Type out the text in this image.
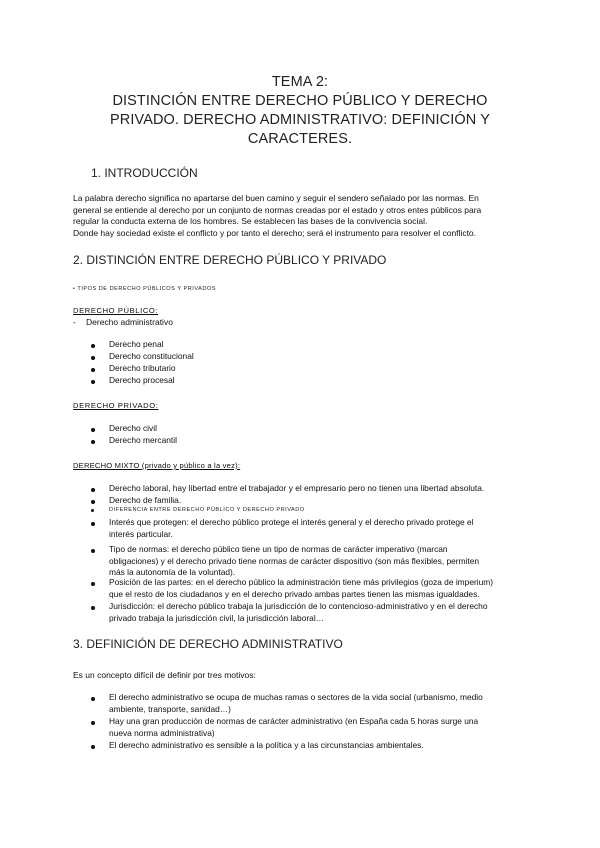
TEMA 2:
DISTINCIÓN ENTRE DERECHO PÚBLICO Y DERECHO
PRIVADO. DERECHO ADMINISTRATIVO: DEFINICIÓN Y
CARACTERES.
1. INTRODUCCIÓN
La palabra derecho significa no apartarse del buen camino y seguir el sendero señalado por las normas. En
general se entiende al derecho por un conjunto de normas creadas por el estado y otros entes públicos para
regular la conducta externa de los hombres. Se establecen las bases de la convivencia social.
Donde hay sociedad existe el conflicto y por tanto el derecho; será el instrumento para resolver el conflicto.
2. DISTINCIÓN ENTRE DERECHO PÚBLICO Y PRIVADO
• TIPOS DE DERECHO PÚBLICOS Y PRIVADOS
DERECHO PÚBLICO:
- Derecho administrativo
Derecho penal
Derecho constitucional
Derecho tributario
Derecho procesal
DERECHO PRIVADO:
Derecho civil
Derecho mercantil
DERECHO MIXTO (privado y público a la vez):
Derecho laboral, hay libertad entre el trabajador y el empresario pero no tienen una libertad absoluta.
Derecho de familia.
DIFERENCIA ENTRE DERECHO PÚBLICO Y DERECHO PRIVADO
Interés que protegen: el derecho público protege el interés general y el derecho privado protege el
interés particular.
Tipo de normas: el derecho público tiene un tipo de normas de carácter imperativo (marcan
obligaciones) y el derecho privado tiene normas de carácter dispositivo (son más flexibles, permiten
más la autonomía de la voluntad).
Posición de las partes: en el derecho público la administración tiene más privilegios (goza de imperium)
que el resto de los ciudadanos y en el derecho privado ambas partes tienen las mismas igualdades.
Jurisdicción: el derecho público trabaja la jurisdicción de lo contencioso-administrativo y en el derecho
privado trabaja la jurisdicción civil, la jurisdicción laboral…
3. DEFINICIÓN DE DERECHO ADMINISTRATIVO
Es un concepto difícil de definir por tres motivos:
El derecho administrativo se ocupa de muchas ramas o sectores de la vida social (urbanismo, medio
ambiente, transporte, sanidad…)
Hay una gran producción de normas de carácter administrativo (en España cada 5 horas surge una
nueva norma administrativa)
El derecho administrativo es sensible a la política y a las circunstancias ambientales.
